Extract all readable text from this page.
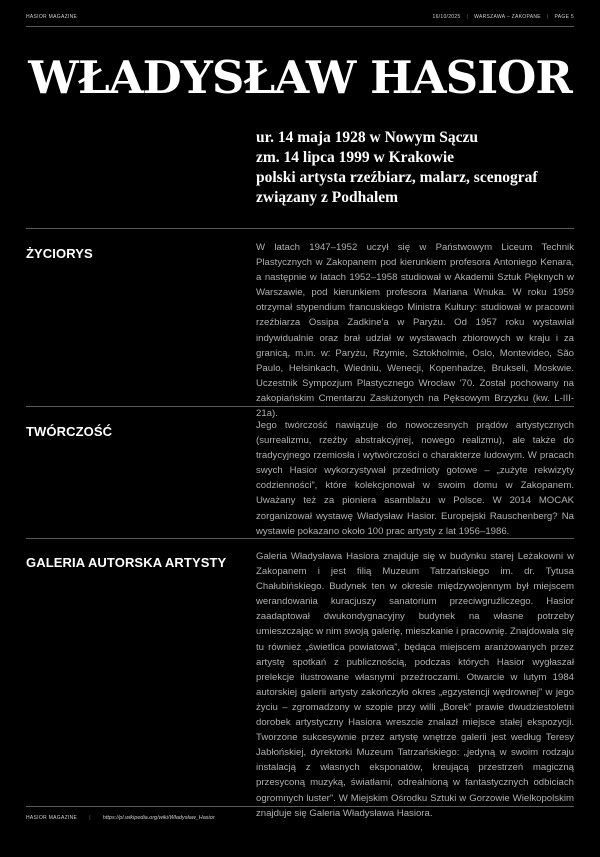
HASIOR MAGAZINE	16/10/2025 | WARSZAWA – ZAKOPANE | PAGE 5
WŁADYSŁAW HASIOR
ur. 14 maja 1928 w Nowym Sączu
zm. 14 lipca 1999 w Krakowie
polski artysta rzeźbiarz, malarz, scenograf
związany z Podhalem
ŻYCIORYS	W latach 1947–1952 uczył się w Państwowym Liceum Technik Plastycznych w Zakopanem pod kierunkiem profesora Antoniego Kenara, a następnie w latach 1952–1958 studiował w Akademii Sztuk Pięknych w Warszawie, pod kierunkiem profesora Mariana Wnuka. W roku 1959 otrzymał stypendium francuskiego Ministra Kultury: studiował w pracowni rzeźbiarza Ossipa Zadkine'a w Paryżu. Od 1957 roku wystawiał indywidualnie oraz brał udział w wystawach zbiorowych w kraju i za granicą, m.in. w: Paryżu, Rzymie, Sztokholmie, Oslo, Montevideo, São Paulo, Helsinkach, Wiedniu, Wenecji, Kopenhadze, Brukseli, Moskwie. Uczestnik Sympozjum Plastycznego Wrocław '70. Został pochowany na zakopiańskim Cmentarzu Zasłużonych na Pęksowym Brzyzku (kw. L-III-21a).
TWÓRCZOŚĆ	Jego twórczość nawiązuje do nowoczesnych prądów artystycznych (surrealizmu, rzeźby abstrakcyjnej, nowego realizmu), ale także do tradycyjnego rzemiosła i wytwórczości o charakterze ludowym. W pracach swych Hasior wykorzystywał przedmioty gotowe – „zużyte rekwizyty codzienności”, które kolekcjonował w swoim domu w Zakopanem. Uważany też za pioniera asamblażu w Polsce. W 2014 MOCAK zorganizował wystawę Władysław Hasior. Europejski Rauschenberg? Na wystawie pokazano około 100 prac artysty z lat 1956–1986.
GALERIA AUTORSKA ARTYSTY	Galeria Władysława Hasiora znajduje się w budynku starej Leżakowni w Zakopanem i jest filią Muzeum Tatrzańskiego im. dr. Tytusa Chałubińskiego. Budynek ten w okresie międzywojennym był miejscem werandowania kuracjuszy sanatorium przeciwgruźliczego. Hasior zaadaptował dwukondygnacyjny budynek na własne potrzeby umieszczając w nim swoją galerię, mieszkanie i pracownię. Znajdowała się tu również „świetlica powiatowa”, będąca miejscem aranżowanych przez artystę spotkań z publicznością, podczas których Hasior wygłaszał prelekcje ilustrowane własnymi przeźroczami. Otwarcie w lutym 1984 autorskiej galerii artysty zakończyło okres „egzystencji wędrownej” w jego życiu – zgromadzony w szopie przy willi „Borek” prawie dwudziestoletni dorobek artystyczny Hasiora wreszcie znalazł miejsce stałej ekspozycji. Tworzone sukcesywnie przez artystę wnętrze galerii jest według Teresy Jabłońskiej, dyrektorki Muzeum Tatrzańskiego: „jedyną w swoim rodzaju instalacją z własnych eksponatów, kreującą przestrzeń magiczną przesyconą muzyką, światłami, odrealnioną w fantastycznych odbiciach ogromnych luster”. W Miejskim Ośrodku Sztuki w Gorzowie Wielkopolskim znajduje się Galeria Władysława Hasiora.
HASIOR MAGAZINE | https://pl.wikipedia.org/wiki/Władysław_Hasior
